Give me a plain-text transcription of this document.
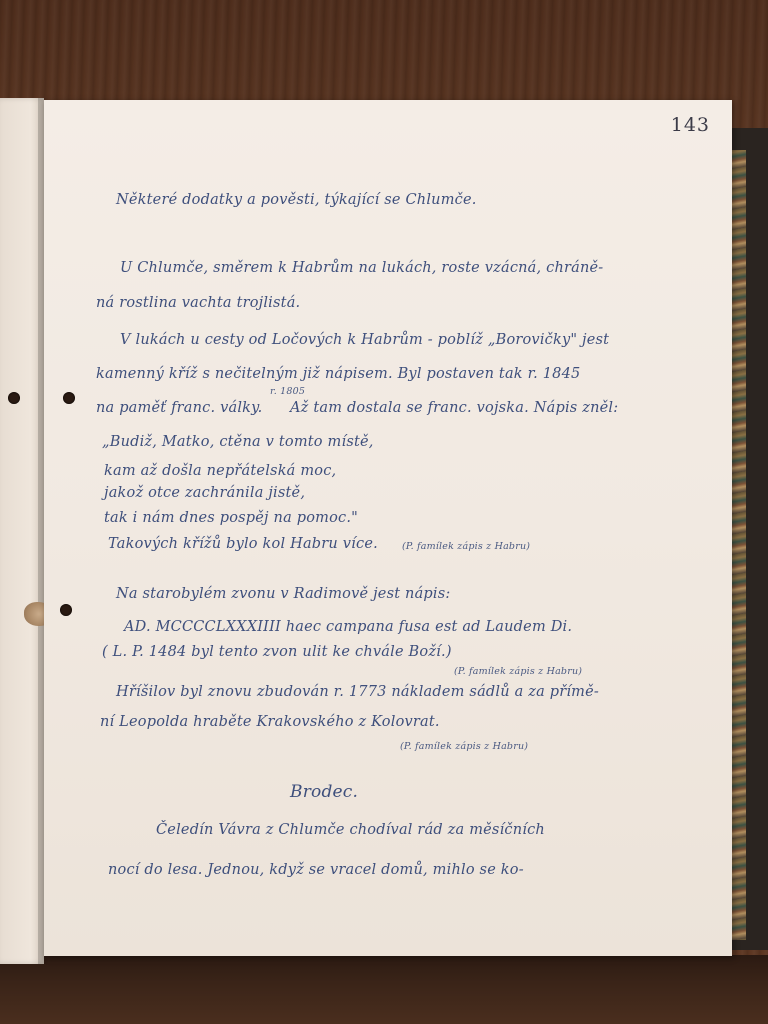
143
Některé dodatky a pověsti, týkající se Chlumče.
U Chlumče, směrem k Habrům na lukách, roste vzácná, chráně-
ná rostlina vachta trojlistá.
V lukách u cesty od Ločových k Habrům - poblíž „Borovičky" jest
kamenný kříž s nečitelným již nápisem. Byl postaven tak r. 1845
r. 1805
na paměť franc. války. Až tam dostala se franc. vojska. Nápis zněl:
„Budiž, Matko, ctěna v tomto místě,
kam až došla nepřátelská moc,
jakož otce zachránila jistě,
tak i nám dnes pospěj na pomoc."
Takových křížů bylo kol Habru více.	(P. famílek zápis z Habru)
Na starobylém zvonu v Radimově jest nápis:
AD. MCCCCLXXXIIII haec campana fusa est ad Laudem Di.
( L. P. 1484 byl tento zvon ulit ke chvále Boží.)
(P. famílek zápis z Habru)
Hříšilov byl znovu zbudován r. 1773 nákladem sádlů a za přímě-
ní Leopolda hraběte Krakovského z Kolovrat.
(P. famílek zápis z Habru)
Brodec.
Čeledín Vávra z Chlumče chodíval rád za měsíčních
nocí do lesa. Jednou, když se vracel domů, mihlo se ko-
